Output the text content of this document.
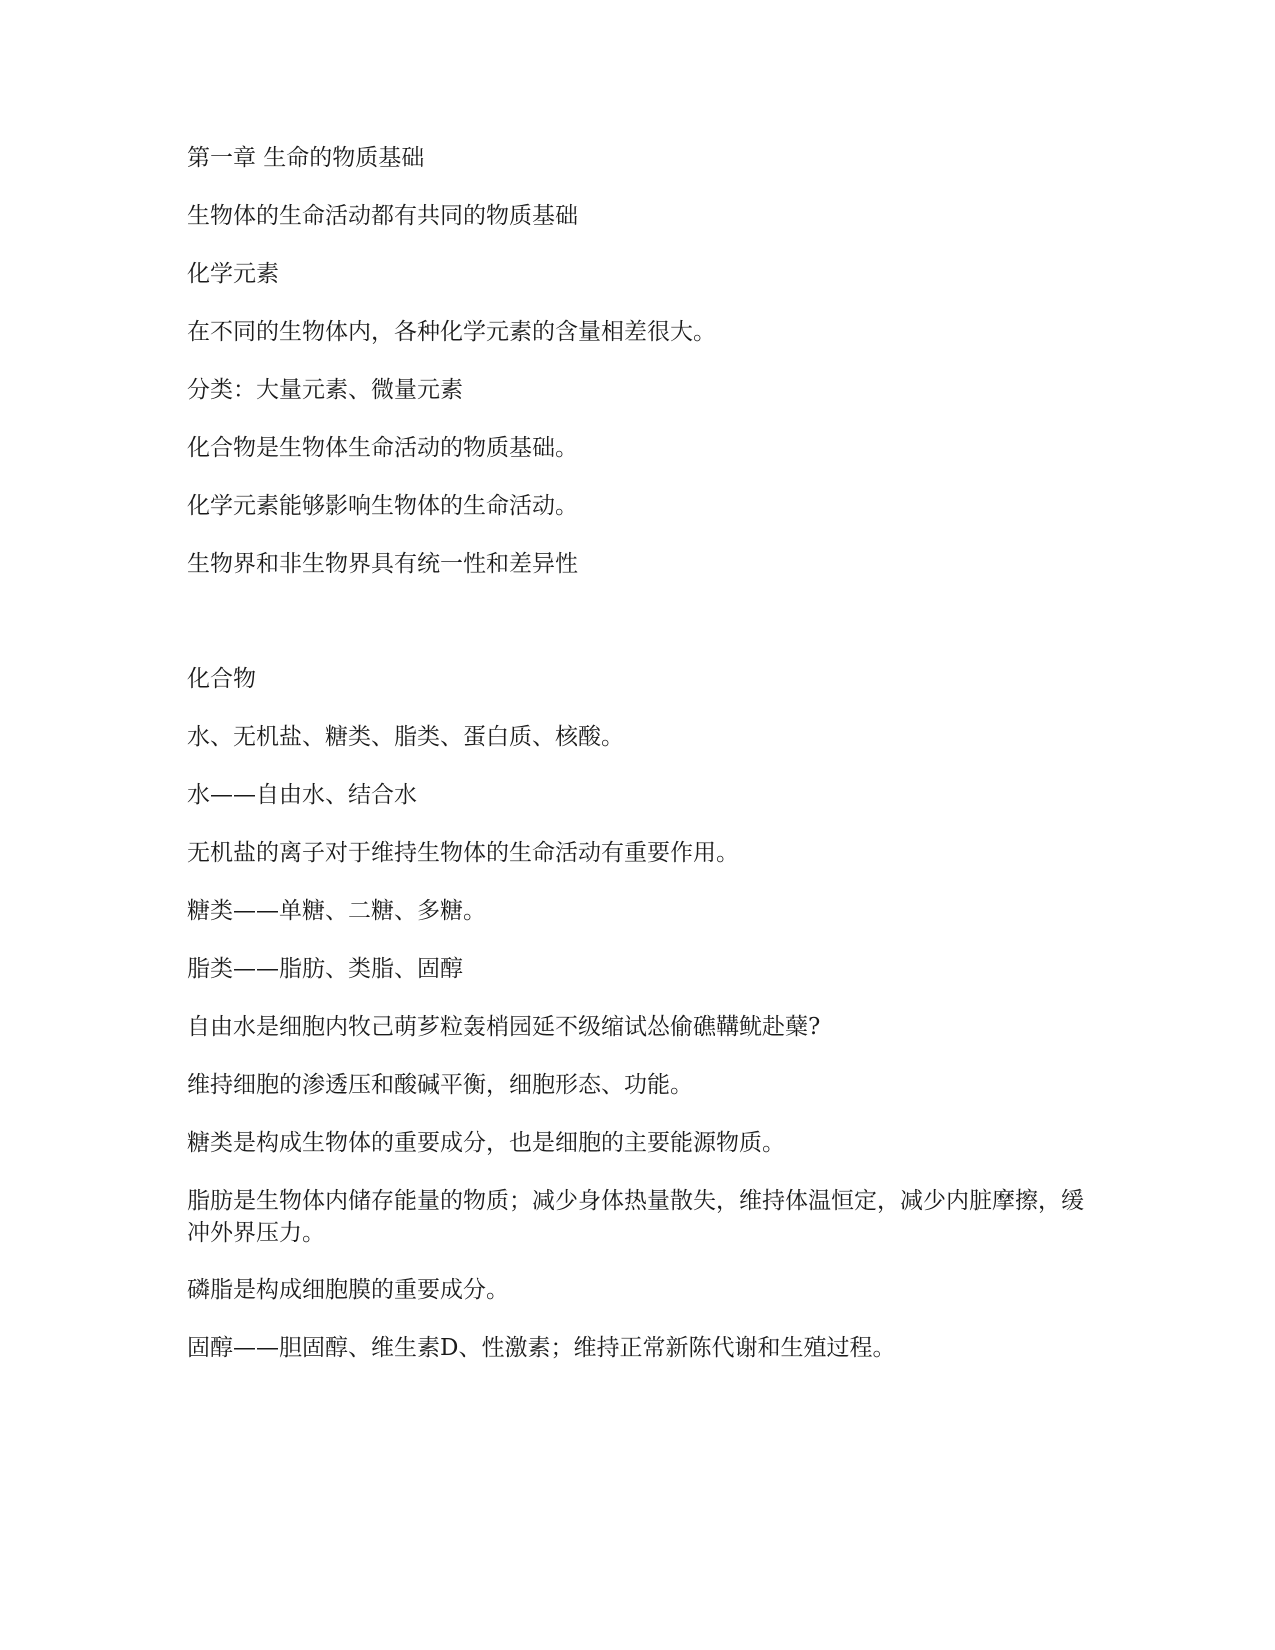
第一章 生命的物质基础

生物体的生命活动都有共同的物质基础

化学元素

在不同的生物体内，各种化学元素的含量相差很大。

分类：大量元素、微量元素

化合物是生物体生命活动的物质基础。

化学元素能够影响生物体的生命活动。

生物界和非生物界具有统一性和差异性

化合物

水、无机盐、糖类、脂类、蛋白质、核酸。

水——自由水、结合水

无机盐的离子对于维持生物体的生命活动有重要作用。

糖类——单糖、二糖、多糖。

脂类——脂肪、类脂、固醇

自由水是细胞内牧己萌芗粒轰梢园延不级缩试怂偷礁鞲鱿赴蘖?

维持细胞的渗透压和酸碱平衡，细胞形态、功能。

糖类是构成生物体的重要成分，也是细胞的主要能源物质。

脂肪是生物体内储存能量的物质；减少身体热量散失，维持体温恒定，减少内脏摩擦，缓冲外界压力。

磷脂是构成细胞膜的重要成分。

固醇——胆固醇、维生素D、性激素；维持正常新陈代谢和生殖过程。
